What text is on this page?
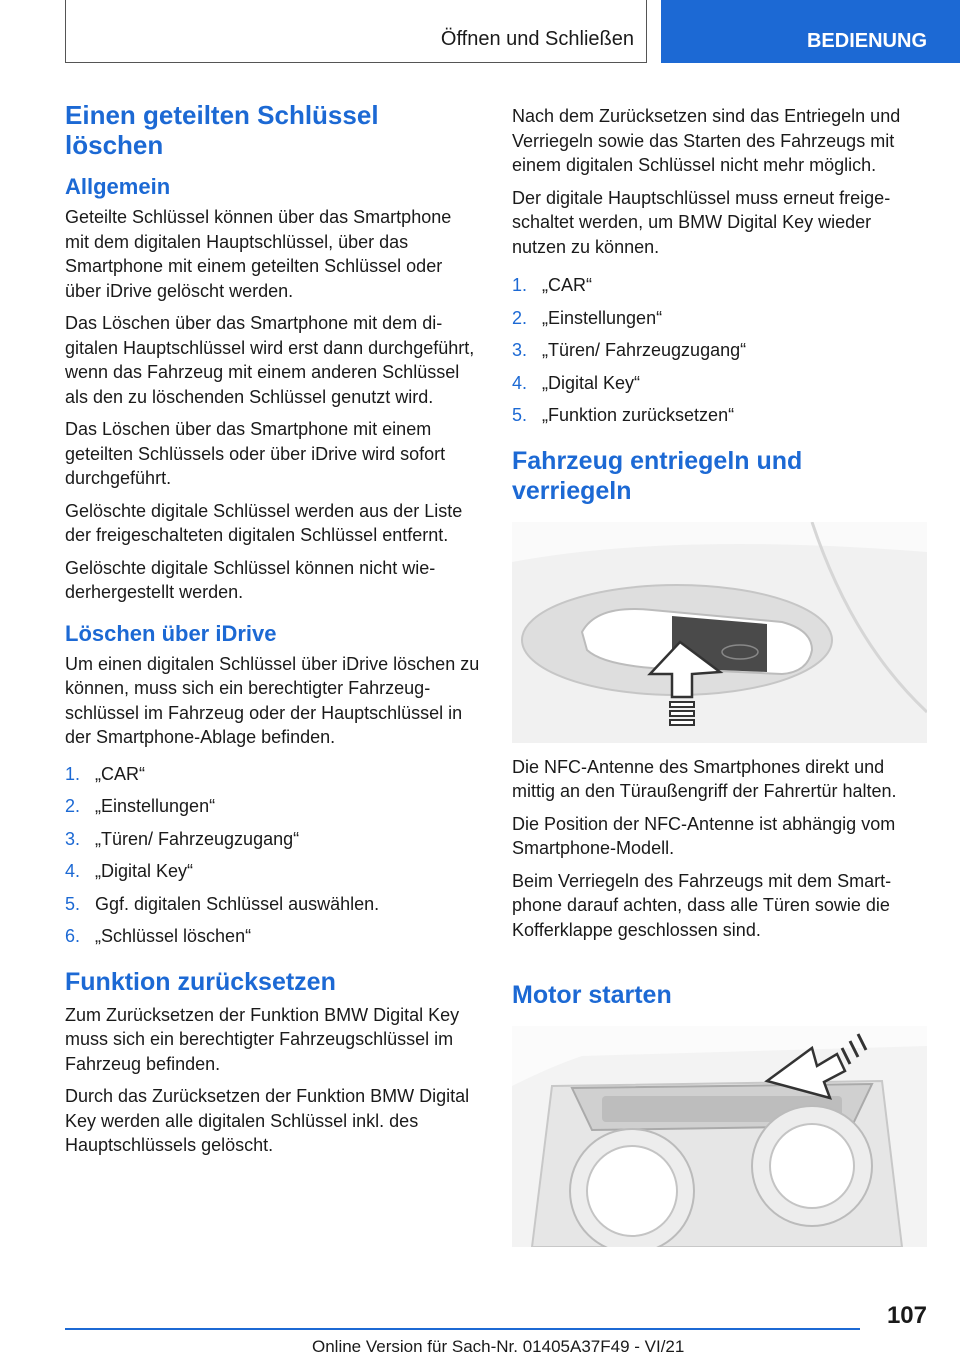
Öffnen und Schließen	BEDIENUNG
Einen geteilten Schlüssel löschen
Allgemein

Geteilte Schlüssel können über das Smartphone mit dem digitalen Hauptschlüssel, über das Smartphone mit einem geteilten Schlüssel oder über iDrive gelöscht werden.

Das Löschen über das Smartphone mit dem digitalen Hauptschlüssel wird erst dann durchgeführt, wenn das Fahrzeug mit einem anderen Schlüssel als den zu löschenden Schlüssel genutzt wird.

Das Löschen über das Smartphone mit einem geteilten Schlüssels oder über iDrive wird sofort durchgeführt.

Gelöschte digitale Schlüssel werden aus der Liste der freigeschalteten digitalen Schlüssel entfernt.

Gelöschte digitale Schlüssel können nicht wiederhergestellt werden.

Löschen über iDrive

Um einen digitalen Schlüssel über iDrive löschen zu können, muss sich ein berechtigter Fahrzeugschlüssel im Fahrzeug oder der Hauptschlüssel in der Smartphone-Ablage befinden.

1. „CAR“
2. „Einstellungen“
3. „Türen/ Fahrzeugzugang“
4. „Digital Key“
5. Ggf. digitalen Schlüssel auswählen.
6. „Schlüssel löschen“
Funktion zurücksetzen

Zum Zurücksetzen der Funktion BMW Digital Key muss sich ein berechtigter Fahrzeugschlüssel im Fahrzeug befinden.

Durch das Zurücksetzen der Funktion BMW Digital Key werden alle digitalen Schlüssel inkl. des Hauptschlüssels gelöscht.

Nach dem Zurücksetzen sind das Entriegeln und Verriegeln sowie das Starten des Fahrzeugs mit einem digitalen Schlüssel nicht mehr möglich.

Der digitale Hauptschlüssel muss erneut freigeschaltet werden, um BMW Digital Key wieder nutzen zu können.

1. „CAR“
2. „Einstellungen“
3. „Türen/ Fahrzeugzugang“
4. „Digital Key“
5. „Funktion zurücksetzen“
Fahrzeug entriegeln und verriegeln

Die NFC-Antenne des Smartphones direkt und mittig an den Türaußengriff der Fahrertür halten.

Die Position der NFC-Antenne ist abhängig vom Smartphone-Modell.

Beim Verriegeln des Fahrzeugs mit dem Smartphone darauf achten, dass alle Türen sowie die Kofferklappe geschlossen sind.

Motor starten
107
Online Version für Sach-Nr. 01405A37F49 - VI/21
